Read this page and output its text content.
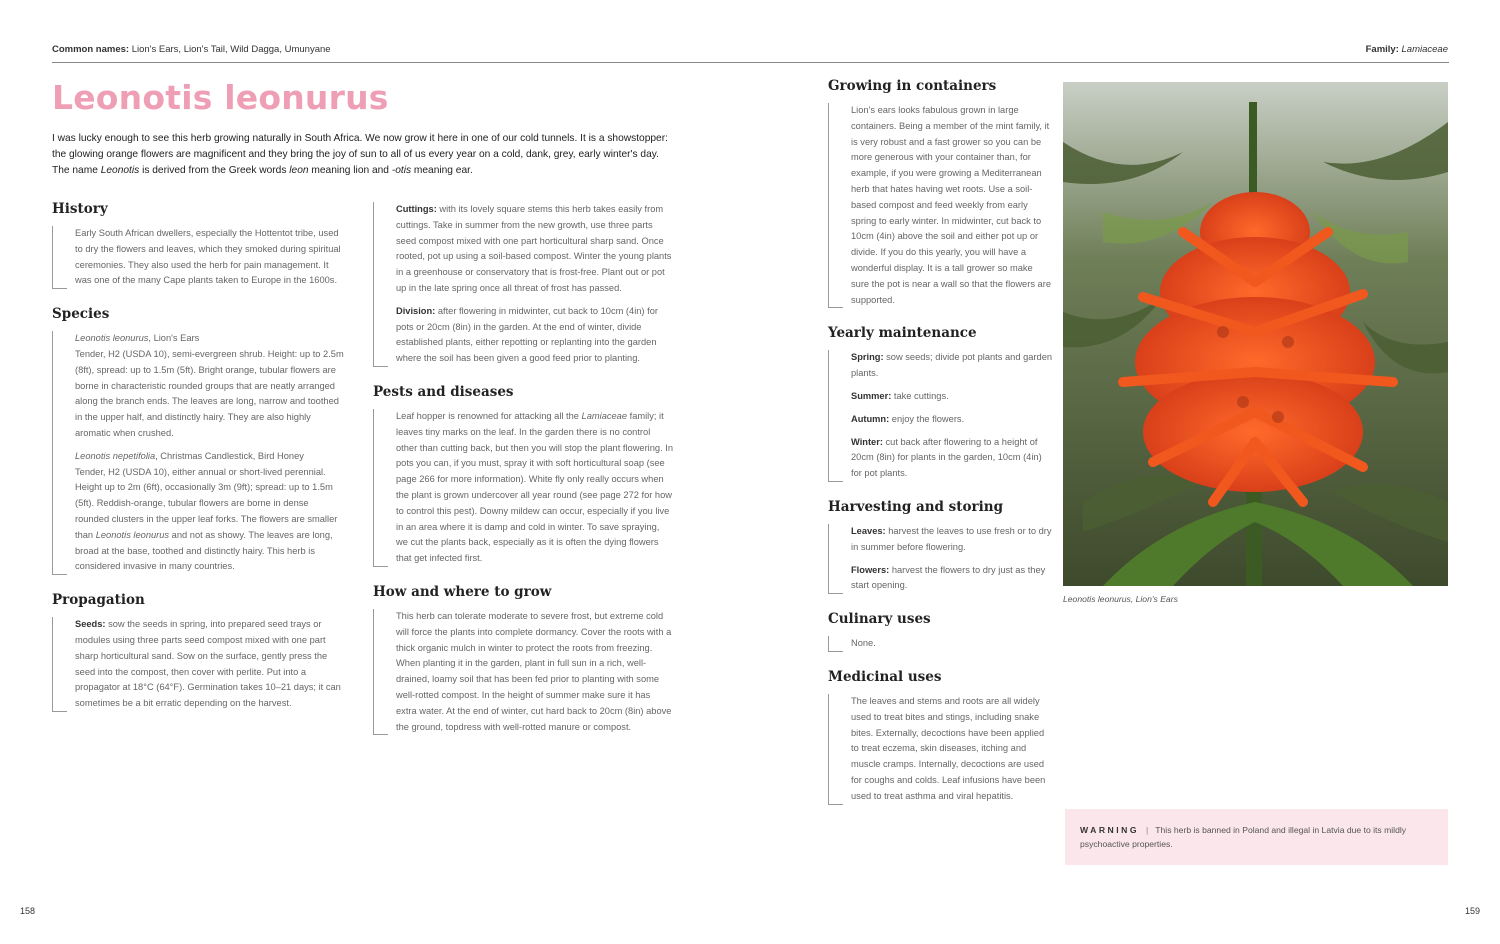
Common names: Lion's Ears, Lion's Tail, Wild Dagga, Umunyane	Family: Lamiaceae
Leonotis leonurus
I was lucky enough to see this herb growing naturally in South Africa. We now grow it here in one of our cold tunnels. It is a showstopper: the glowing orange flowers are magnificent and they bring the joy of sun to all of us every year on a cold, dank, grey, early winter's day. The name Leonotis is derived from the Greek words leon meaning lion and -otis meaning ear.
History
Early South African dwellers, especially the Hottentot tribe, used to dry the flowers and leaves, which they smoked during spiritual ceremonies. They also used the herb for pain management. It was one of the many Cape plants taken to Europe in the 1600s.
Species
Leonotis leonurus, Lion's Ears
Tender, H2 (USDA 10), semi-evergreen shrub. Height: up to 2.5m (8ft), spread: up to 1.5m (5ft). Bright orange, tubular flowers are borne in characteristic rounded groups that are neatly arranged along the branch ends. The leaves are long, narrow and toothed in the upper half, and distinctly hairy. They are also highly aromatic when crushed.
Leonotis nepetifolia, Christmas Candlestick, Bird Honey
Tender, H2 (USDA 10), either annual or short-lived perennial. Height up to 2m (6ft), occasionally 3m (9ft); spread: up to 1.5m (5ft). Reddish-orange, tubular flowers are borne in dense rounded clusters in the upper leaf forks. The flowers are smaller than Leonotis leonurus and not as showy. The leaves are long, broad at the base, toothed and distinctly hairy. This herb is considered invasive in many countries.
Propagation
Seeds: sow the seeds in spring, into prepared seed trays or modules using three parts seed compost mixed with one part sharp horticultural sand. Sow on the surface, gently press the seed into the compost, then cover with perlite. Put into a propagator at 18°C (64°F). Germination takes 10–21 days; it can sometimes be a bit erratic depending on the harvest.
Cuttings: with its lovely square stems this herb takes easily from cuttings. Take in summer from the new growth, use three parts seed compost mixed with one part horticultural sharp sand. Once rooted, pot up using a soil-based compost. Winter the young plants in a greenhouse or conservatory that is frost-free. Plant out or pot up in the late spring once all threat of frost has passed.
Division: after flowering in midwinter, cut back to 10cm (4in) for pots or 20cm (8in) in the garden. At the end of winter, divide established plants, either repotting or replanting into the garden where the soil has been given a good feed prior to planting.
Pests and diseases
Leaf hopper is renowned for attacking all the Lamiaceae family; it leaves tiny marks on the leaf. In the garden there is no control other than cutting back, but then you will stop the plant flowering. In pots you can, if you must, spray it with soft horticultural soap (see page 266 for more information). White fly only really occurs when the plant is grown undercover all year round (see page 272 for how to control this pest). Downy mildew can occur, especially if you live in an area where it is damp and cold in winter. To save spraying, we cut the plants back, especially as it is often the dying flowers that get infected first.
How and where to grow
This herb can tolerate moderate to severe frost, but extreme cold will force the plants into complete dormancy. Cover the roots with a thick organic mulch in winter to protect the roots from freezing. When planting it in the garden, plant in full sun in a rich, well-drained, loamy soil that has been fed prior to planting with some well-rotted compost. In the height of summer make sure it has extra water. At the end of winter, cut hard back to 20cm (8in) above the ground, topdress with well-rotted manure or compost.
Growing in containers
Lion's ears looks fabulous grown in large containers. Being a member of the mint family, it is very robust and a fast grower so you can be more generous with your container than, for example, if you were growing a Mediterranean herb that hates having wet roots. Use a soil-based compost and feed weekly from early spring to early winter. In midwinter, cut back to 10cm (4in) above the soil and either pot up or divide. If you do this yearly, you will have a wonderful display. It is a tall grower so make sure the pot is near a wall so that the flowers are supported.
Yearly maintenance
Spring: sow seeds; divide pot plants and garden plants.
Summer: take cuttings.
Autumn: enjoy the flowers.
Winter: cut back after flowering to a height of 20cm (8in) for plants in the garden, 10cm (4in) for pot plants.
Harvesting and storing
Leaves: harvest the leaves to use fresh or to dry in summer before flowering.
Flowers: harvest the flowers to dry just as they start opening.
Culinary uses
None.
Medicinal uses
The leaves and stems and roots are all widely used to treat bites and stings, including snake bites. Externally, decoctions have been applied to treat eczema, skin diseases, itching and muscle cramps. Internally, decoctions are used for coughs and colds. Leaf infusions have been used to treat asthma and viral hepatitis.
Leonotis leonurus, Lion's Ears
WARNING | This herb is banned in Poland and illegal in Latvia due to its mildly psychoactive properties.
158	159
